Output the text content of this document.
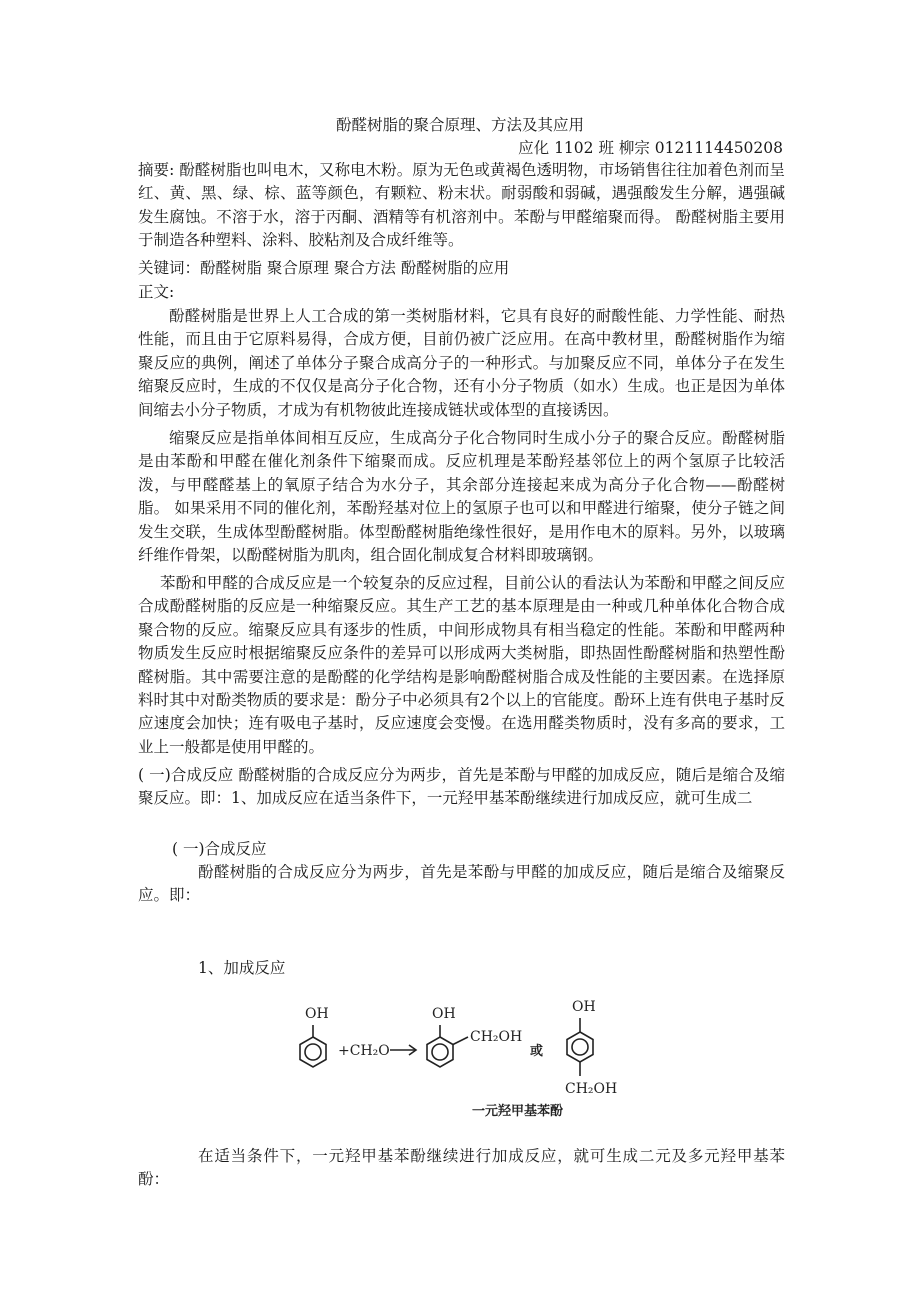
酚醛树脂的聚合原理、方法及其应用

应化 1102 班 柳宗 0121114450208

摘要: 酚醛树脂也叫电木，又称电木粉。原为无色或黄褐色透明物，市场销售往往加着色剂而呈红、黄、黑、绿、棕、蓝等颜色，有颗粒、粉末状。耐弱酸和弱碱，遇强酸发生分解，遇强碱发生腐蚀。不溶于水，溶于丙酮、酒精等有机溶剂中。苯酚与甲醛缩聚而得。 酚醛树脂主要用于制造各种塑料、涂料、胶粘剂及合成纤维等。

关键词：酚醛树脂 聚合原理 聚合方法 酚醛树脂的应用

正文:

酚醛树脂是世界上人工合成的第一类树脂材料，它具有良好的耐酸性能、力学性能、耐热性能，而且由于它原料易得，合成方便，目前仍被广泛应用。在高中教材里，酚醛树脂作为缩聚反应的典例，阐述了单体分子聚合成高分子的一种形式。与加聚反应不同，单体分子在发生缩聚反应时，生成的不仅仅是高分子化合物，还有小分子物质（如水）生成。也正是因为单体间缩去小分子物质，才成为有机物彼此连接成链状或体型的直接诱因。

缩聚反应是指单体间相互反应，生成高分子化合物同时生成小分子的聚合反应。酚醛树脂是由苯酚和甲醛在催化剂条件下缩聚而成。反应机理是苯酚羟基邻位上的两个氢原子比较活泼，与甲醛醛基上的氧原子结合为水分子，其余部分连接起来成为高分子化合物——酚醛树脂。 如果采用不同的催化剂，苯酚羟基对位上的氢原子也可以和甲醛进行缩聚，使分子链之间发生交联，生成体型酚醛树脂。体型酚醛树脂绝缘性很好，是用作电木的原料。另外，以玻璃纤维作骨架，以酚醛树脂为肌肉，组合固化制成复合材料即玻璃钢。

苯酚和甲醛的合成反应是一个较复杂的反应过程，目前公认的看法认为苯酚和甲醛之间反应合成酚醛树脂的反应是一种缩聚反应。其生产工艺的基本原理是由一种或几种单体化合物合成聚合物的反应。缩聚反应具有逐步的性质，中间形成物具有相当稳定的性能。苯酚和甲醛两种物质发生反应时根据缩聚反应条件的差异可以形成两大类树脂，即热固性酚醛树脂和热塑性酚醛树脂。其中需要注意的是酚醛的化学结构是影响酚醛树脂合成及性能的主要因素。在选择原料时其中对酚类物质的要求是：酚分子中必须具有2个以上的官能度。酚环上连有供电子基时反应速度会加快；连有吸电子基时，反应速度会变慢。在选用醛类物质时，没有多高的要求，工业上一般都是使用甲醛的。

( 一)合成反应 酚醛树脂的合成反应分为两步，首先是苯酚与甲醛的加成反应，随后是缩合及缩聚反应。即：1、加成反应在适当条件下，一元羟甲基苯酚继续进行加成反应，就可生成二

( 一)合成反应

酚醛树脂的合成反应分为两步，首先是苯酚与甲醛的加成反应，随后是缩合及缩聚反应。即：

1、加成反应

OH
+CH₂O
OH
CH₂OH
或
OH
CH₂OH
一元羟甲基苯酚

在适当条件下，一元羟甲基苯酚继续进行加成反应，就可生成二元及多元羟甲基苯酚：
